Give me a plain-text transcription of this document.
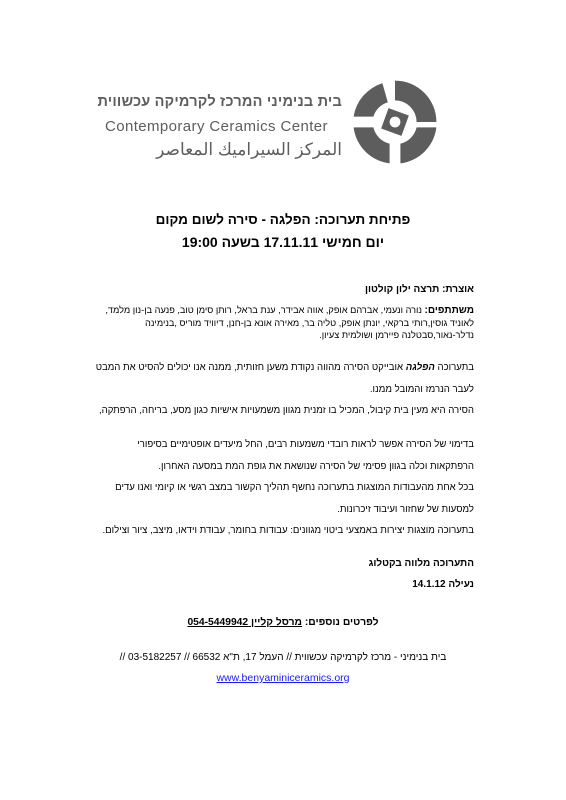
בית בנימיני המרכז לקרמיקה עכשווית
Contemporary Ceramics Center
المركز السيراميك المعاصر
פתיחת תערוכה: הפלגה - סירה לשום מקום
יום חמישי 17.11.11 בשעה 19:00
אוצרת: תרצה ילון קולטון
משתתפים: נורה ונעמי, אברהם אופק, אווה אבידר, ענת בראל, רותן סימן טוב, פנעה בן-נון מלמד, לאוניד גוסין,רותי ברקאי, יונתן אופק, טליה בר, מאירה אונא בן-חנן, דיוויד מוריס ,בנימינה נדלר-נאור,סבטלנה פיירמן ושולמית צעיון.
בתערוכה הפלגה אובייקט הסירה מהווה נקודת משען חזותית, ממנה אנו יכולים להסיט את המבט לעבר הנרמז והמובל ממנו.
הסירה היא מעין בית קיבול, המכיל בו זמנית מגוון משמעויות אישיות כגון מסע, בריחה, הרפתקה,
בדימוי של הסירה אפשר לראות רובדי משמעות רבים, החל מיעדים אופטימיים בסיפורי הרפתקאות וכלה בגוון פסימי של הסירה שנושאת את גופת המת במסעה האחרון.
בכל אחת מהעבודות המוצגות בתערוכה נחשף תהליך הקשור במצב רגשי או קיומי ואנו עדים למסעות של שחזור ועיבוד זיכרונות.
בתערוכה מוצגות יצירות באמצעי ביטוי מגוונים: עבודות בחומר, עבודת וידאו, מיצב, ציור וצילום.
התערוכה מלווה בקטלוג
נעילה 14.1.12
לפרטים נוספים: מרסל קליין 054-5449942
בית בנימיני - מרכז לקרמיקה עכשווית // העמל 17, ת"א 66532 // 03-5182257 //
www.benyaminiceramics.org
